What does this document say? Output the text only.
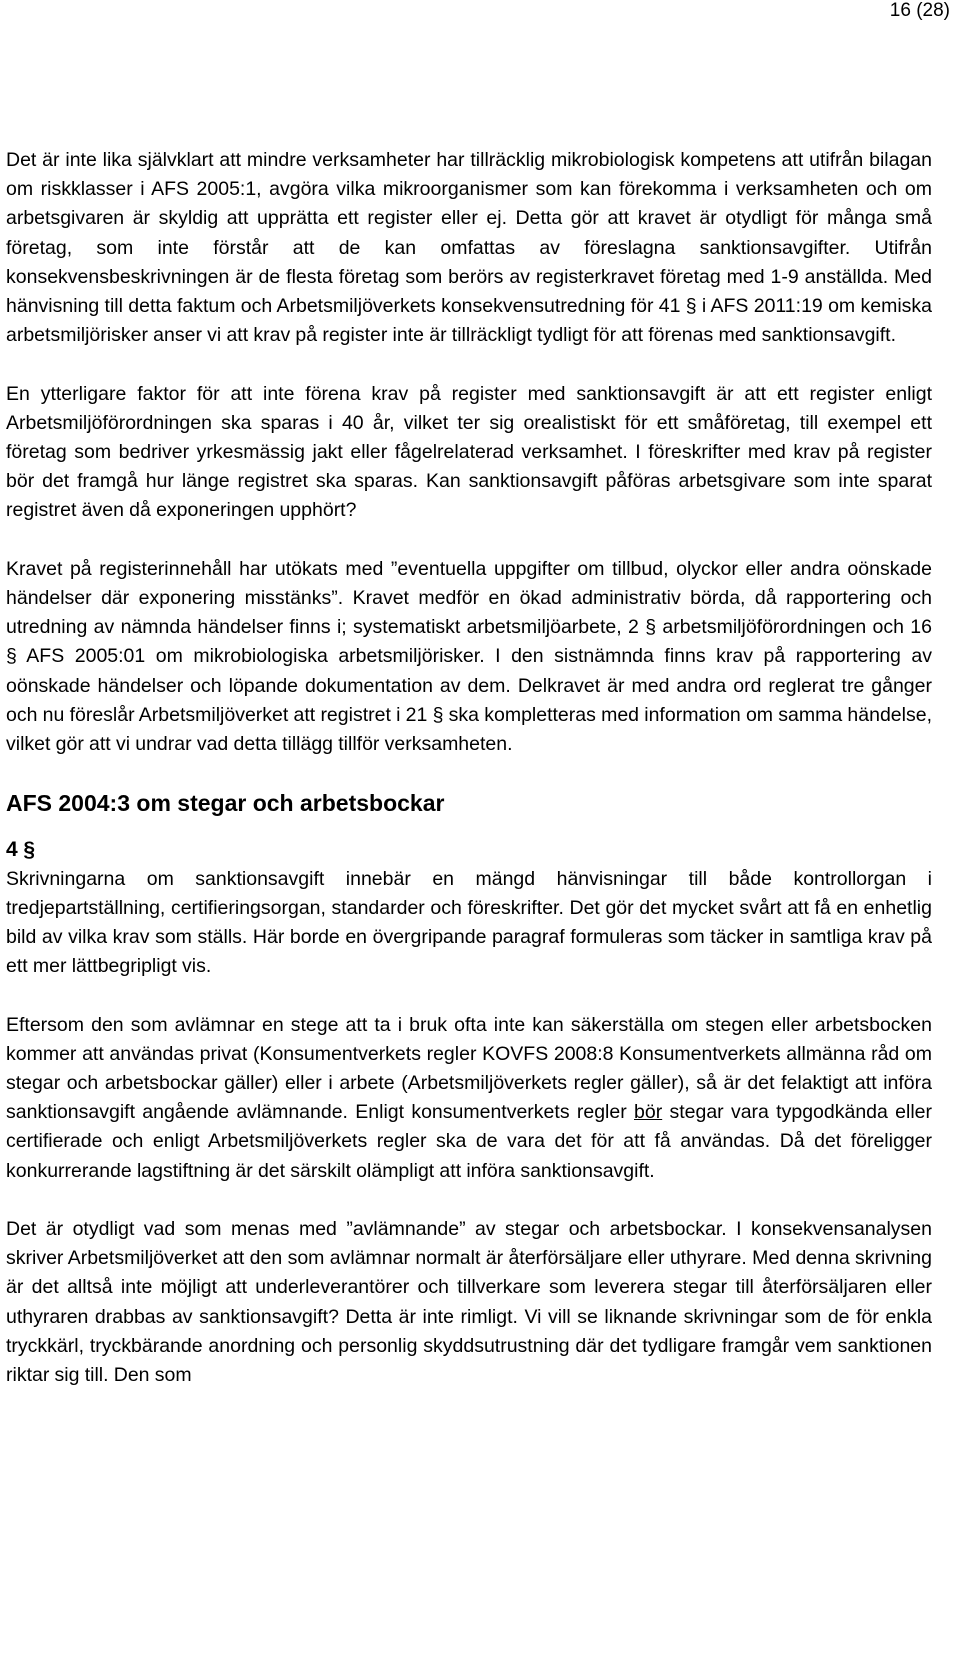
16 (28)

Det är inte lika självklart att mindre verksamheter har tillräcklig mikrobiologisk kompetens att utifrån bilagan om riskklasser i AFS 2005:1, avgöra vilka mikroorganismer som kan förekomma i verksamheten och om arbetsgivaren är skyldig att upprätta ett register eller ej. Detta gör att kravet är otydligt för många små företag, som inte förstår att de kan omfattas av föreslagna sanktionsavgifter. Utifrån konsekvensbeskrivningen är de flesta företag som berörs av registerkravet företag med 1-9 anställda. Med hänvisning till detta faktum och Arbetsmiljöverkets konsekvensutredning för 41 § i AFS 2011:19 om kemiska arbetsmiljörisker anser vi att krav på register inte är tillräckligt tydligt för att förenas med sanktionsavgift.

En ytterligare faktor för att inte förena krav på register med sanktionsavgift är att ett register enligt Arbetsmiljöförordningen ska sparas i 40 år, vilket ter sig orealistiskt för ett småföretag, till exempel ett företag som bedriver yrkesmässig jakt eller fågelrelaterad verksamhet. I föreskrifter med krav på register bör det framgå hur länge registret ska sparas. Kan sanktionsavgift påföras arbetsgivare som inte sparat registret även då exponeringen upphört?

Kravet på registerinnehåll har utökats med ”eventuella uppgifter om tillbud, olyckor eller andra oönskade händelser där exponering misstänks”. Kravet medför en ökad administrativ börda, då rapportering och utredning av nämnda händelser finns i; systematiskt arbetsmiljöarbete, 2 § arbetsmiljöförordningen och 16 § AFS 2005:01 om mikrobiologiska arbetsmiljörisker. I den sistnämnda finns krav på rapportering av oönskade händelser och löpande dokumentation av dem. Delkravet är med andra ord reglerat tre gånger och nu föreslår Arbetsmiljöverket att registret i 21 § ska kompletteras med information om samma händelse, vilket gör att vi undrar vad detta tillägg tillför verksamheten.

AFS 2004:3 om stegar och arbetsbockar

4 §
Skrivningarna om sanktionsavgift innebär en mängd hänvisningar till både kontrollorgan i tredjepartställning, certifieringsorgan, standarder och föreskrifter. Det gör det mycket svårt att få en enhetlig bild av vilka krav som ställs. Här borde en övergripande paragraf formuleras som täcker in samtliga krav på ett mer lättbegripligt vis.

Eftersom den som avlämnar en stege att ta i bruk ofta inte kan säkerställa om stegen eller arbetsbocken kommer att användas privat (Konsumentverkets regler KOVFS 2008:8 Konsumentverkets allmänna råd om stegar och arbetsbockar gäller) eller i arbete (Arbetsmiljöverkets regler gäller), så är det felaktigt att införa sanktionsavgift angående avlämnande. Enligt konsumentverkets regler bör stegar vara typgodkända eller certifierade och enligt Arbetsmiljöverkets regler ska de vara det för att få användas. Då det föreligger konkurrerande lagstiftning är det särskilt olämpligt att införa sanktionsavgift.

Det är otydligt vad som menas med ”avlämnande” av stegar och arbetsbockar. I konsekvensanalysen skriver Arbetsmiljöverket att den som avlämnar normalt är återförsäljare eller uthyrare. Med denna skrivning är det alltså inte möjligt att underleverantörer och tillverkare som leverera stegar till återförsäljaren eller uthyraren drabbas av sanktionsavgift? Detta är inte rimligt. Vi vill se liknande skrivningar som de för enkla tryckkärl, tryckbärande anordning och personlig skyddsutrustning där det tydligare framgår vem sanktionen riktar sig till. Den som
